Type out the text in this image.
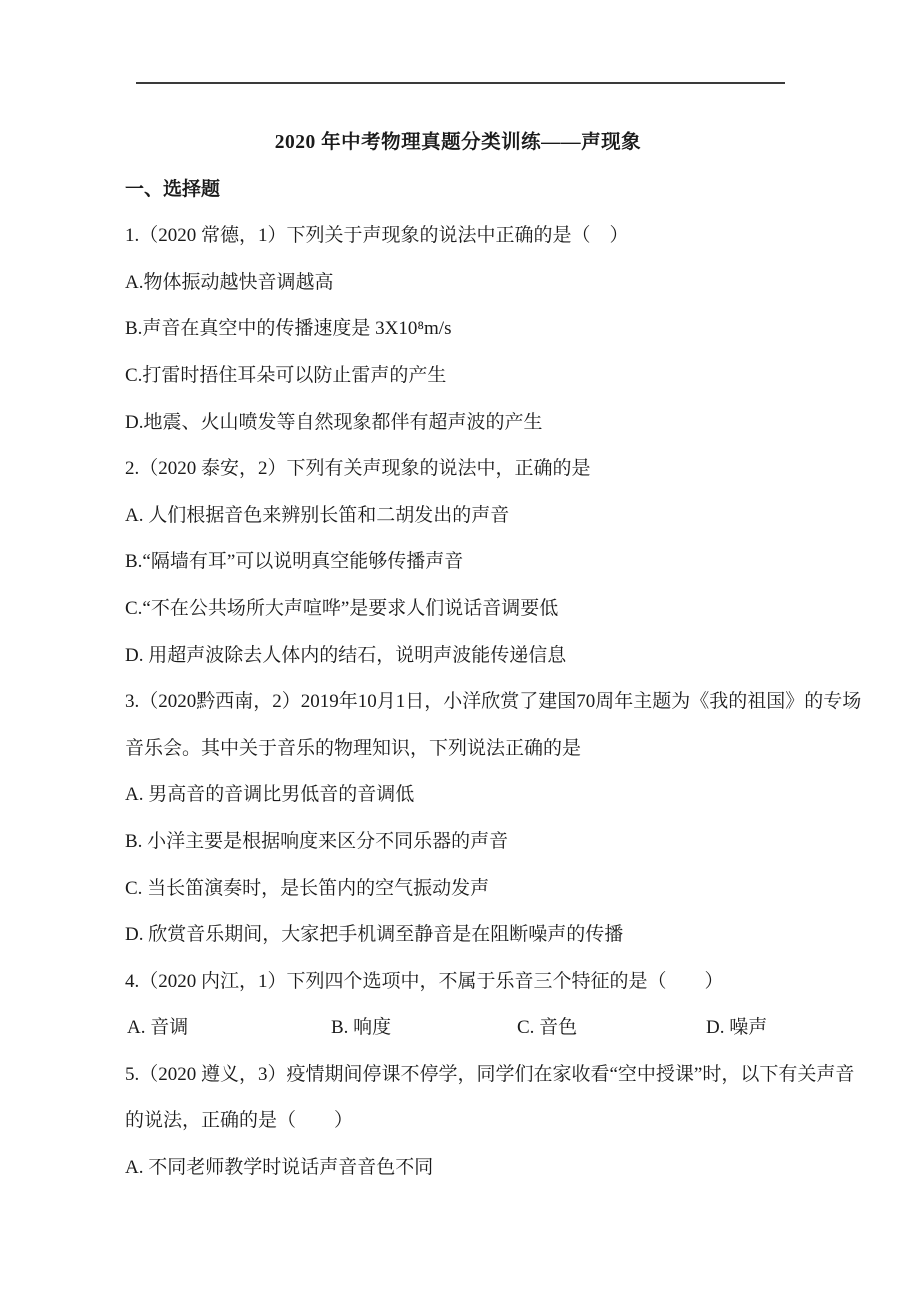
2020 年中考物理真题分类训练——声现象

一、选择题

1.（2020 常德，1）下列关于声现象的说法中正确的是（　）

A.物体振动越快音调越高

B.声音在真空中的传播速度是 3X10⁸m/s

C.打雷时捂住耳朵可以防止雷声的产生

D.地震、火山喷发等自然现象都伴有超声波的产生

2.（2020 泰安，2）下列有关声现象的说法中，正确的是

A. 人们根据音色来辨别长笛和二胡发出的声音

B.“隔墙有耳”可以说明真空能够传播声音

C.“不在公共场所大声喧哗”是要求人们说话音调要低

D. 用超声波除去人体内的结石，说明声波能传递信息

3.（2020黔西南，2）2019年10月1日，小洋欣赏了建国70周年主题为《我的祖国》的专场

音乐会。其中关于音乐的物理知识，下列说法正确的是

A. 男高音的音调比男低音的音调低

B. 小洋主要是根据响度来区分不同乐器的声音

C. 当长笛演奏时，是长笛内的空气振动发声

D. 欣赏音乐期间，大家把手机调至静音是在阻断噪声的传播

4.（2020 内江，1）下列四个选项中，不属于乐音三个特征的是（　　）

A. 音调	B. 响度	C. 音色	D. 噪声

5.（2020 遵义，3）疫情期间停课不停学，同学们在家收看“空中授课”时，以下有关声音

的说法，正确的是（　　）

A. 不同老师教学时说话声音音色不同
